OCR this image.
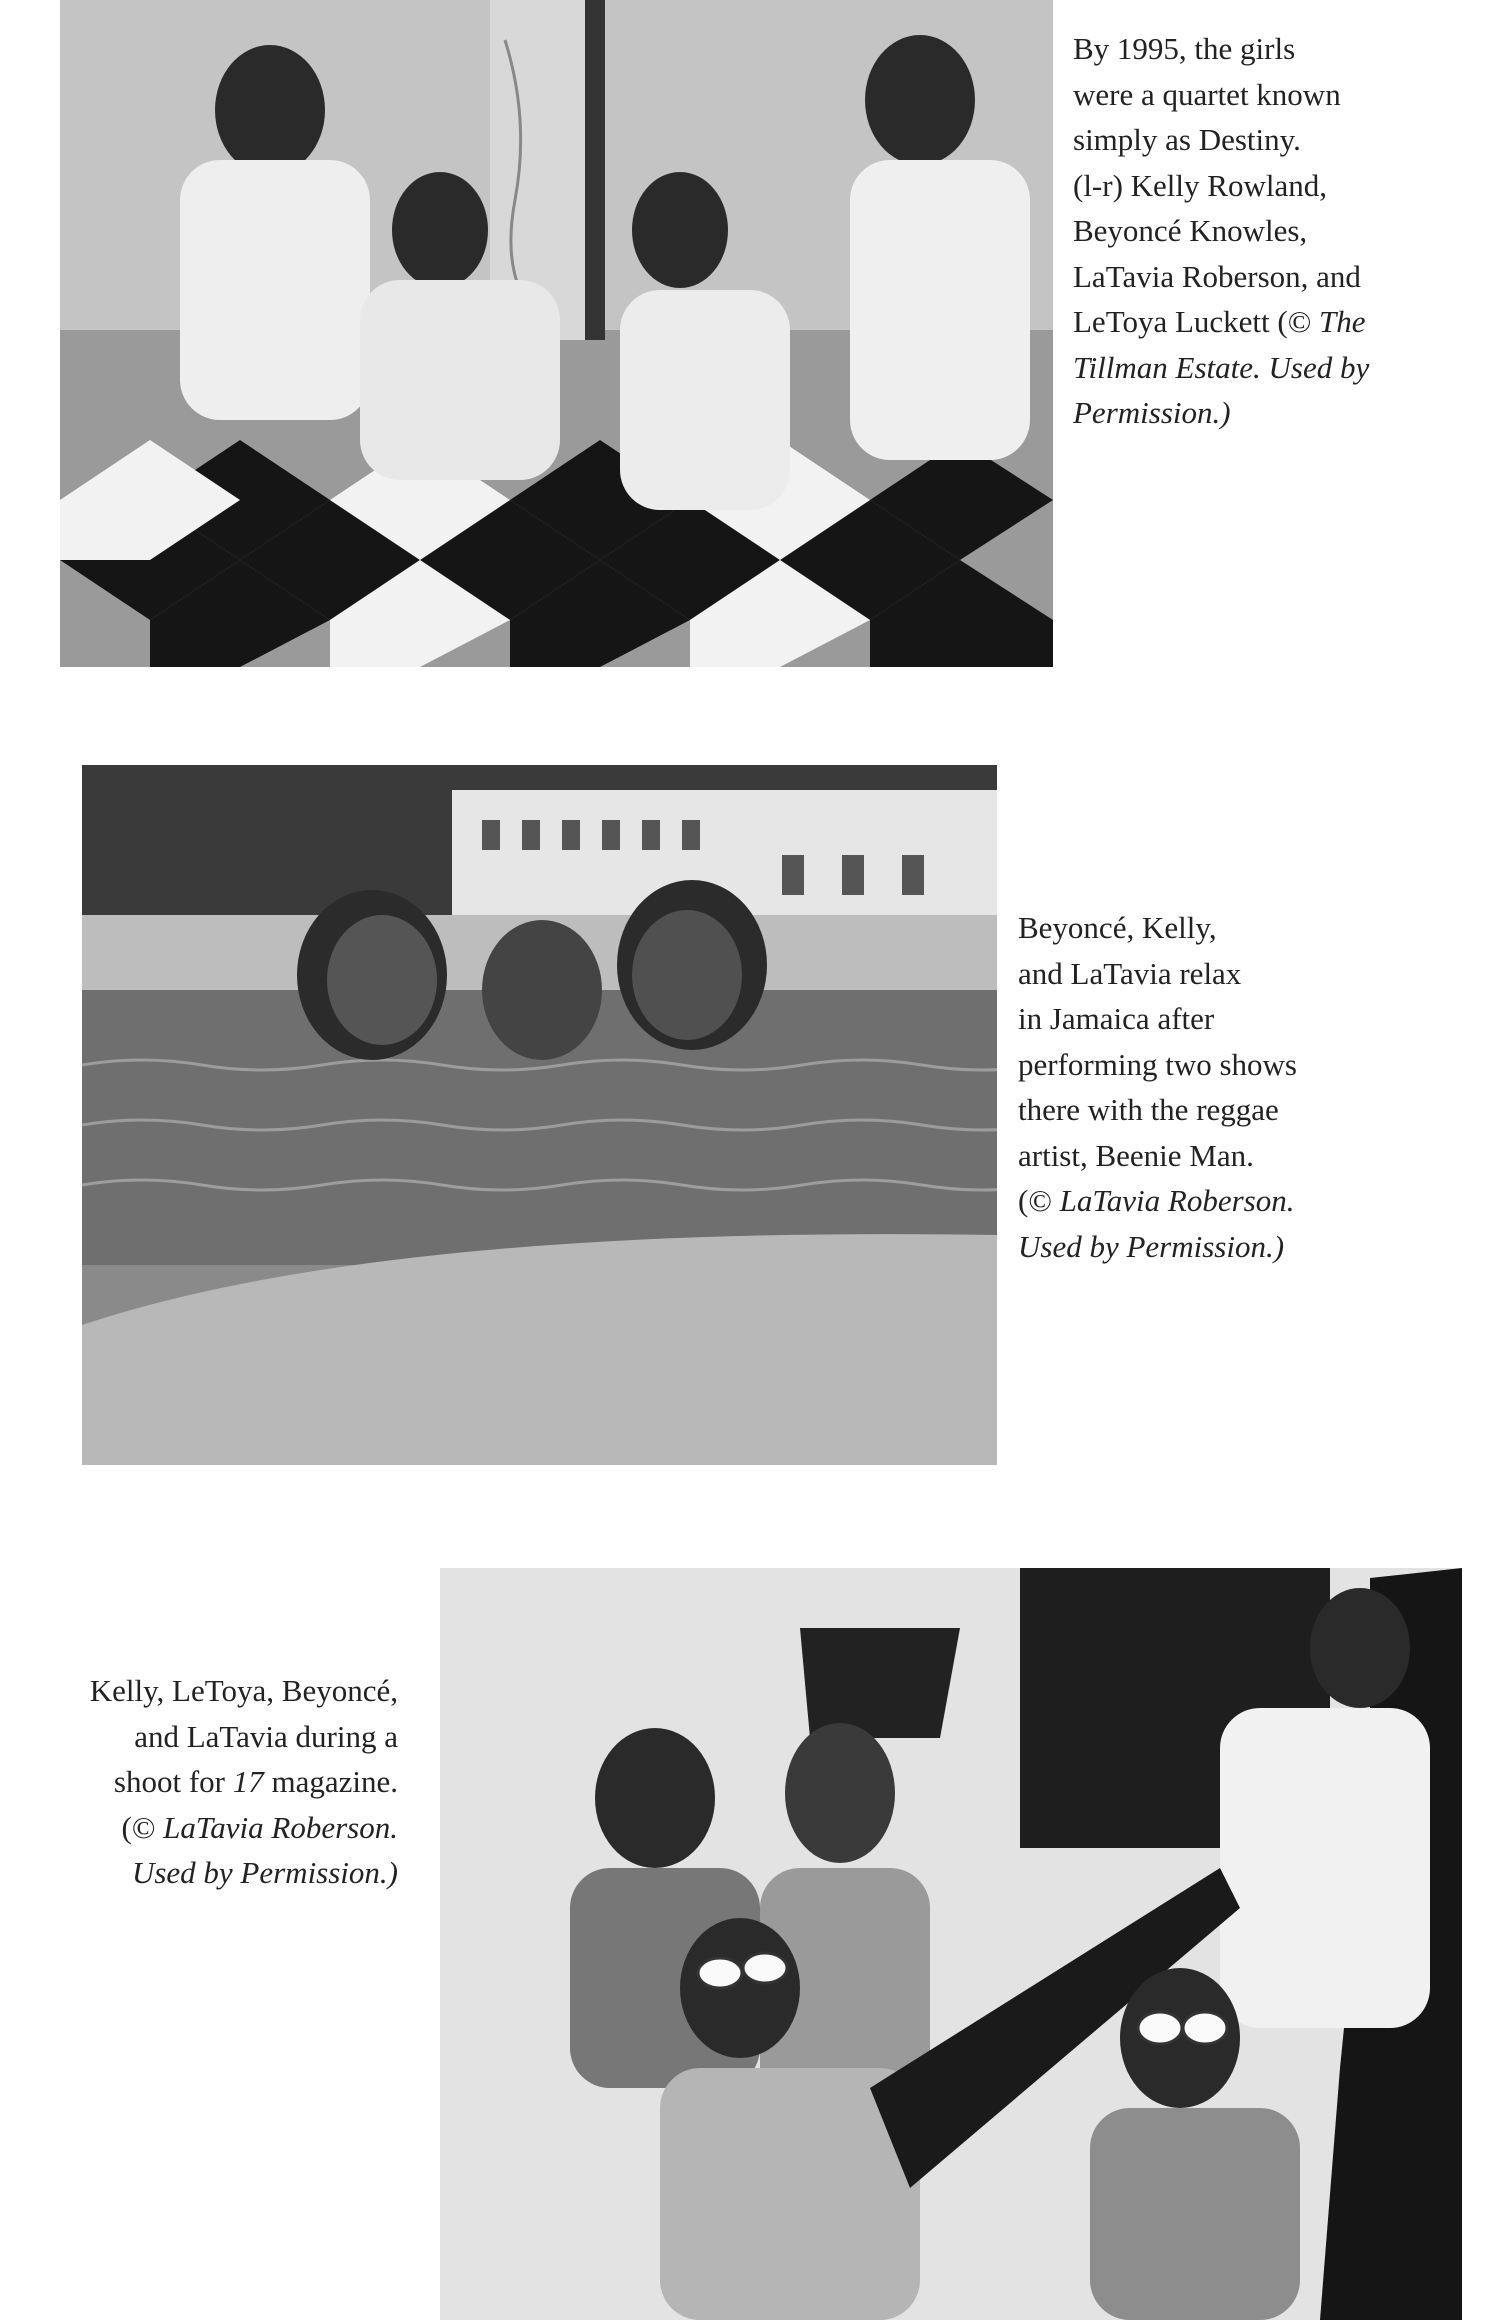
By 1995, the girls
were a quartet known
simply as Destiny.
(l-r) Kelly Rowland,
Beyoncé Knowles,
LaTavia Roberson, and
LeToya Luckett (© The
Tillman Estate. Used by
Permission.)
Beyoncé, Kelly,
and LaTavia relax
in Jamaica after
performing two shows
there with the reggae
artist, Beenie Man.
(© LaTavia Roberson.
Used by Permission.)
Kelly, LeToya, Beyoncé,
and LaTavia during a
shoot for 17 magazine.
(© LaTavia Roberson.
Used by Permission.)
